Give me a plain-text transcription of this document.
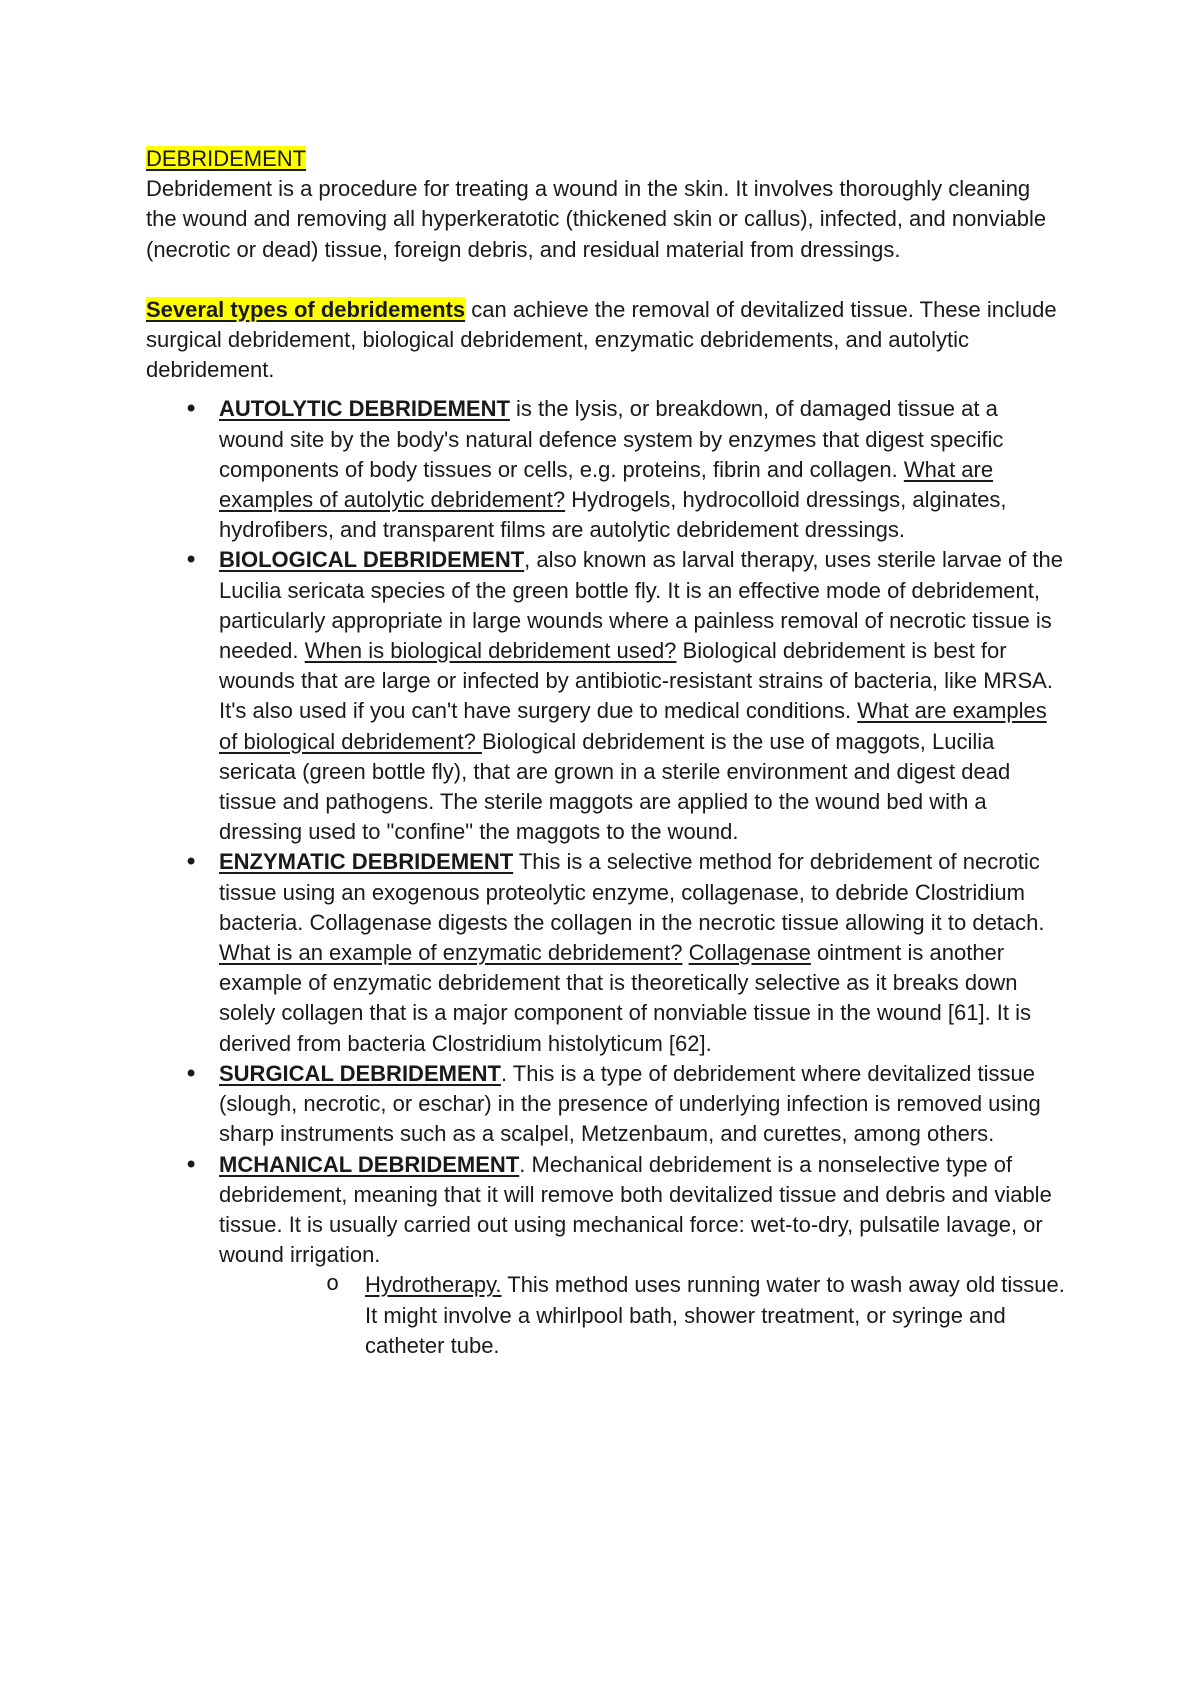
DEBRIDEMENT

Debridement is a procedure for treating a wound in the skin. It involves thoroughly cleaning the wound and removing all hyperkeratotic (thickened skin or callus), infected, and nonviable (necrotic or dead) tissue, foreign debris, and residual material from dressings.

Several types of debridements can achieve the removal of devitalized tissue. These include surgical debridement, biological debridement, enzymatic debridements, and autolytic debridement.

• AUTOLYTIC DEBRIDEMENT is the lysis, or breakdown, of damaged tissue at a wound site by the body's natural defence system by enzymes that digest specific components of body tissues or cells, e.g. proteins, fibrin and collagen. What are examples of autolytic debridement? Hydrogels, hydrocolloid dressings, alginates, hydrofibers, and transparent films are autolytic debridement dressings.
• BIOLOGICAL DEBRIDEMENT, also known as larval therapy, uses sterile larvae of the Lucilia sericata species of the green bottle fly. It is an effective mode of debridement, particularly appropriate in large wounds where a painless removal of necrotic tissue is needed. When is biological debridement used? Biological debridement is best for wounds that are large or infected by antibiotic-resistant strains of bacteria, like MRSA. It's also used if you can't have surgery due to medical conditions. What are examples of biological debridement? Biological debridement is the use of maggots, Lucilia sericata (green bottle fly), that are grown in a sterile environment and digest dead tissue and pathogens. The sterile maggots are applied to the wound bed with a dressing used to "confine" the maggots to the wound.
• ENZYMATIC DEBRIDEMENT This is a selective method for debridement of necrotic tissue using an exogenous proteolytic enzyme, collagenase, to debride Clostridium bacteria. Collagenase digests the collagen in the necrotic tissue allowing it to detach. What is an example of enzymatic debridement? Collagenase ointment is another example of enzymatic debridement that is theoretically selective as it breaks down solely collagen that is a major component of nonviable tissue in the wound [61]. It is derived from bacteria Clostridium histolyticum [62].
• SURGICAL DEBRIDEMENT. This is a type of debridement where devitalized tissue (slough, necrotic, or eschar) in the presence of underlying infection is removed using sharp instruments such as a scalpel, Metzenbaum, and curettes, among others.
• MCHANICAL DEBRIDEMENT. Mechanical debridement is a nonselective type of debridement, meaning that it will remove both devitalized tissue and debris and viable tissue. It is usually carried out using mechanical force: wet-to-dry, pulsatile lavage, or wound irrigation.
o Hydrotherapy. This method uses running water to wash away old tissue. It might involve a whirlpool bath, shower treatment, or syringe and catheter tube.
